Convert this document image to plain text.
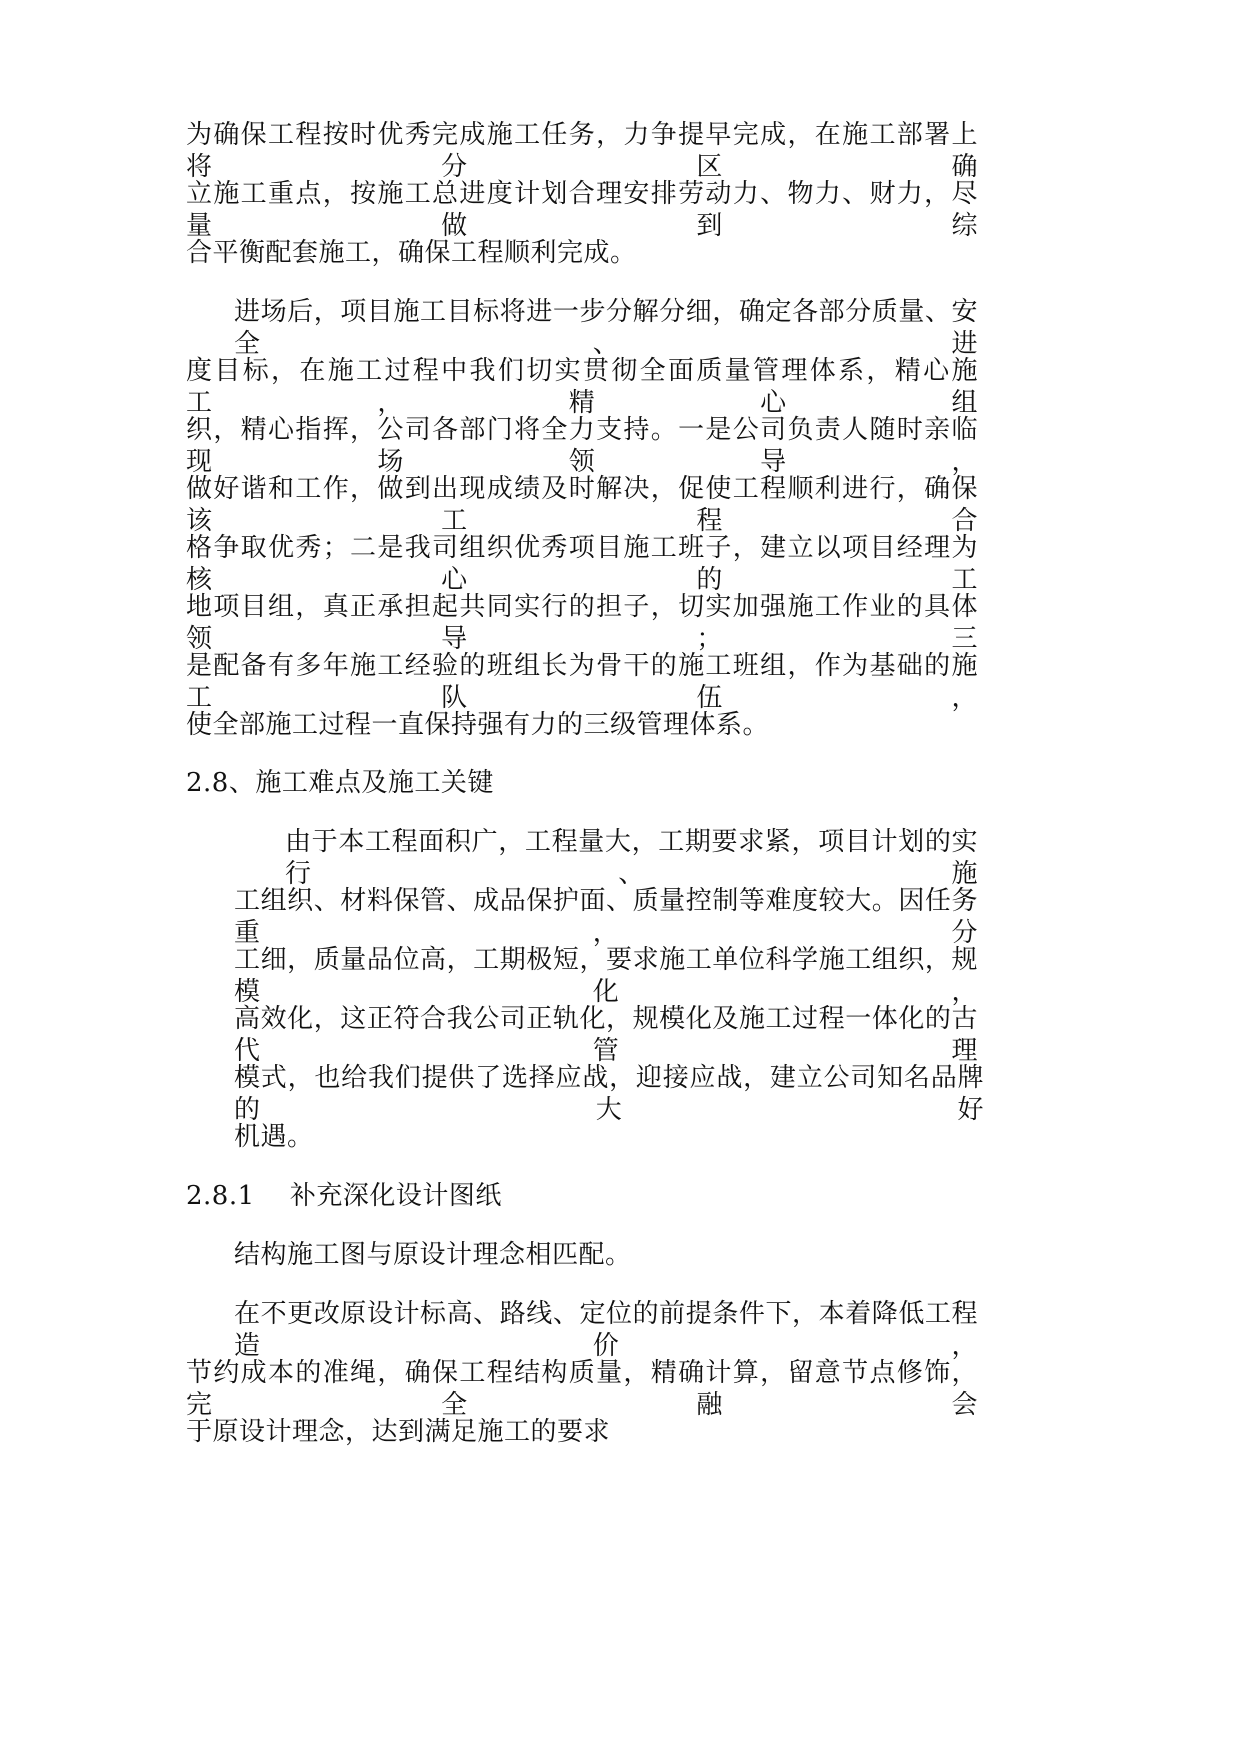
为确保工程按时优秀完成施工任务，力争提早完成，在施工部署上将分区确
立施工重点，按施工总进度计划合理安排劳动力、物力、财力，尽量做到综
合平衡配套施工，确保工程顺利完成。
进场后，项目施工目标将进一步分解分细，确定各部分质量、安全、进
度目标，在施工过程中我们切实贯彻全面质量管理体系，精心施工，精心组
织，精心指挥，公司各部门将全力支持。一是公司负责人随时亲临现场领导，
做好谐和工作，做到出现成绩及时解决，促使工程顺利进行，确保该工程合
格争取优秀；二是我司组织优秀项目施工班子，建立以项目经理为核心的工
地项目组，真正承担起共同实行的担子，切实加强施工作业的具体领导；三
是配备有多年施工经验的班组长为骨干的施工班组，作为基础的施工队伍，
使全部施工过程一直保持强有力的三级管理体系。
2.8、施工难点及施工关键
由于本工程面积广，工程量大，工期要求紧，项目计划的实行、施
工组织、材料保管、成品保护面、质量控制等难度较大。因任务重，分
工细，质量品位高，工期极短，要求施工单位科学施工组织，规模化，
高效化，这正符合我公司正轨化，规模化及施工过程一体化的古代管理
模式，也给我们提供了选择应战，迎接应战，建立公司知名品牌的大好
机遇。
2.8.1　 补充深化设计图纸
结构施工图与原设计理念相匹配。
在不更改原设计标高、路线、定位的前提条件下，本着降低工程造价，
节约成本的准绳，确保工程结构质量，精确计算，留意节点修饰，完全融会
于原设计理念，达到满足施工的要求
